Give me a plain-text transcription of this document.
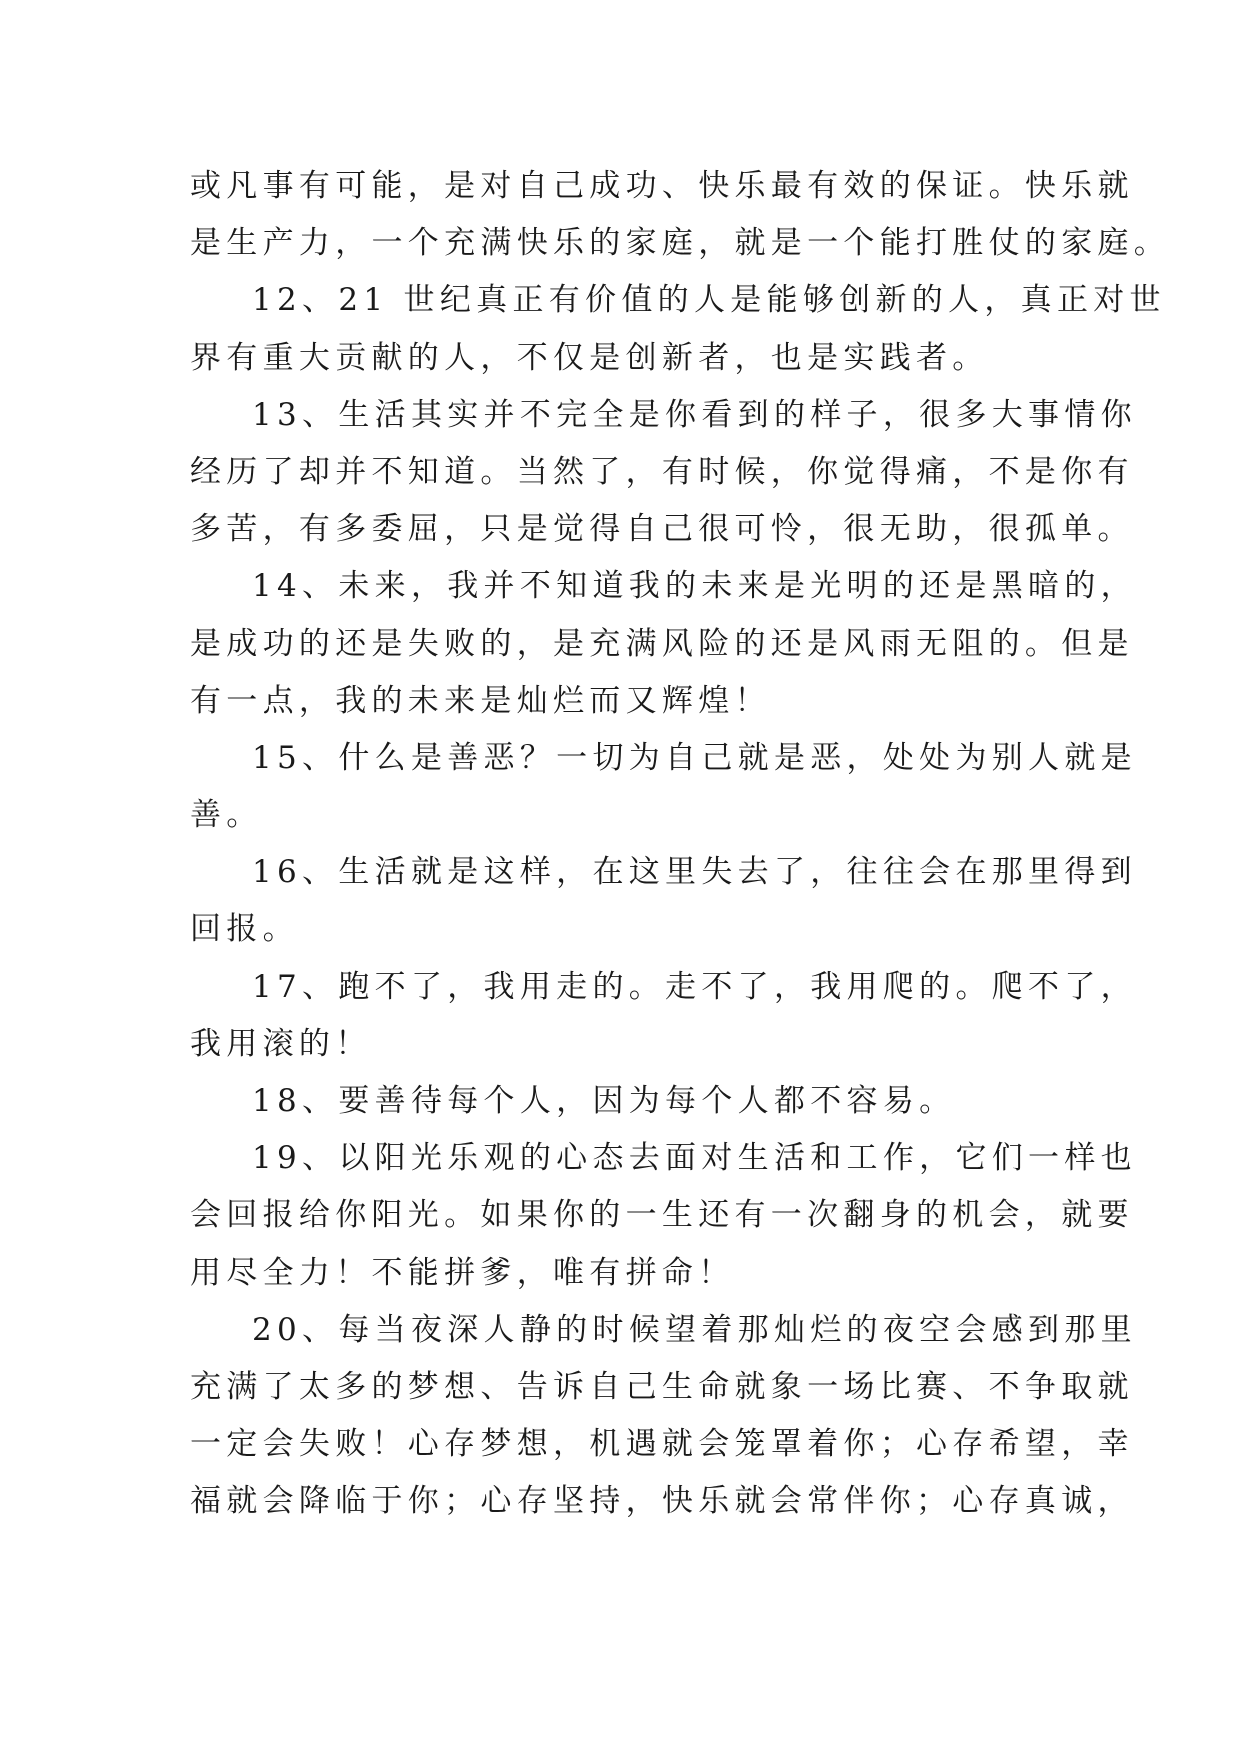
或凡事有可能，是对自己成功、快乐最有效的保证。快乐就
是生产力，一个充满快乐的家庭，就是一个能打胜仗的家庭。
12、21 世纪真正有价值的人是能够创新的人，真正对世
界有重大贡献的人，不仅是创新者，也是实践者。
13、生活其实并不完全是你看到的样子，很多大事情你
经历了却并不知道。当然了，有时候，你觉得痛，不是你有
多苦，有多委屈，只是觉得自己很可怜，很无助，很孤单。
14、未来，我并不知道我的未来是光明的还是黑暗的，
是成功的还是失败的，是充满风险的还是风雨无阻的。但是
有一点，我的未来是灿烂而又辉煌！
15、什么是善恶？一切为自己就是恶，处处为别人就是
善。
16、生活就是这样，在这里失去了，往往会在那里得到
回报。
17、跑不了，我用走的。走不了，我用爬的。爬不了，
我用滚的！
18、要善待每个人，因为每个人都不容易。
19、以阳光乐观的心态去面对生活和工作，它们一样也
会回报给你阳光。如果你的一生还有一次翻身的机会，就要
用尽全力！不能拼爹，唯有拼命！
20、每当夜深人静的时候望着那灿烂的夜空会感到那里
充满了太多的梦想、告诉自己生命就象一场比赛、不争取就
一定会失败！心存梦想，机遇就会笼罩着你；心存希望，幸
福就会降临于你；心存坚持，快乐就会常伴你；心存真诚，
